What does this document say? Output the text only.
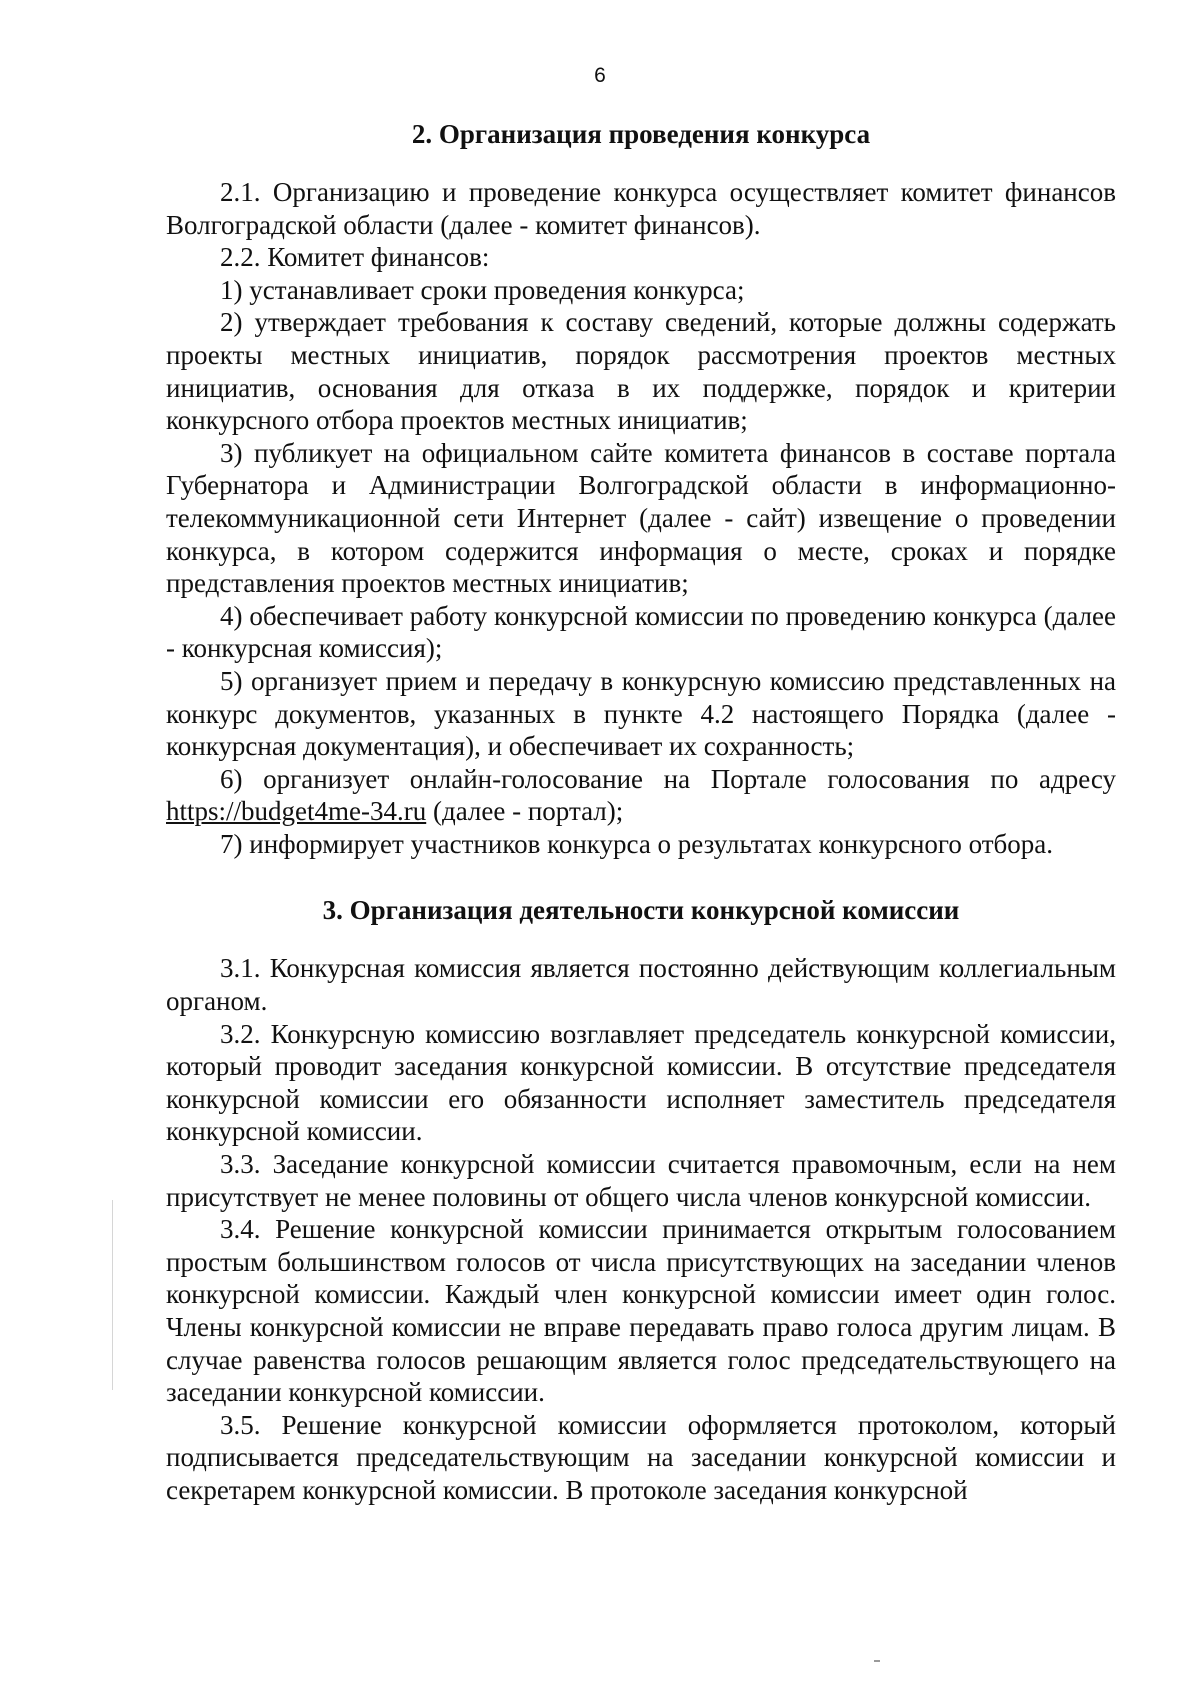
6

2. Организация проведения конкурса

2.1. Организацию и проведение конкурса осуществляет комитет финансов Волгоградской области (далее - комитет финансов).

2.2. Комитет финансов:

1) устанавливает сроки проведения конкурса;

2) утверждает требования к составу сведений, которые должны содержать проекты местных инициатив, порядок рассмотрения проектов местных инициатив, основания для отказа в их поддержке, порядок и критерии конкурсного отбора проектов местных инициатив;

3) публикует на официальном сайте комитета финансов в составе портала Губернатора и Администрации Волгоградской области в информационно-телекоммуникационной сети Интернет (далее - сайт) извещение о проведении конкурса, в котором содержится информация о месте, сроках и порядке представления проектов местных инициатив;

4) обеспечивает работу конкурсной комиссии по проведению конкурса (далее - конкурсная комиссия);

5) организует прием и передачу в конкурсную комиссию представленных на конкурс документов, указанных в пункте 4.2 настоящего Порядка (далее - конкурсная документация), и обеспечивает их сохранность;

6) организует онлайн-голосование на Портале голосования по адресу https://budget4me-34.ru (далее - портал);

7) информирует участников конкурса о результатах конкурсного отбора.

3. Организация деятельности конкурсной комиссии

3.1. Конкурсная комиссия является постоянно действующим коллегиальным органом.

3.2. Конкурсную комиссию возглавляет председатель конкурсной комиссии, который проводит заседания конкурсной комиссии. В отсутствие председателя конкурсной комиссии его обязанности исполняет заместитель председателя конкурсной комиссии.

3.3. Заседание конкурсной комиссии считается правомочным, если на нем присутствует не менее половины от общего числа членов конкурсной комиссии.

3.4. Решение конкурсной комиссии принимается открытым голосованием простым большинством голосов от числа присутствующих на заседании членов конкурсной комиссии. Каждый член конкурсной комиссии имеет один голос. Члены конкурсной комиссии не вправе передавать право голоса другим лицам. В случае равенства голосов решающим является голос председательствующего на заседании конкурсной комиссии.

3.5. Решение конкурсной комиссии оформляется протоколом, который подписывается председательствующим на заседании конкурсной комиссии и секретарем конкурсной комиссии. В протоколе заседания конкурсной
